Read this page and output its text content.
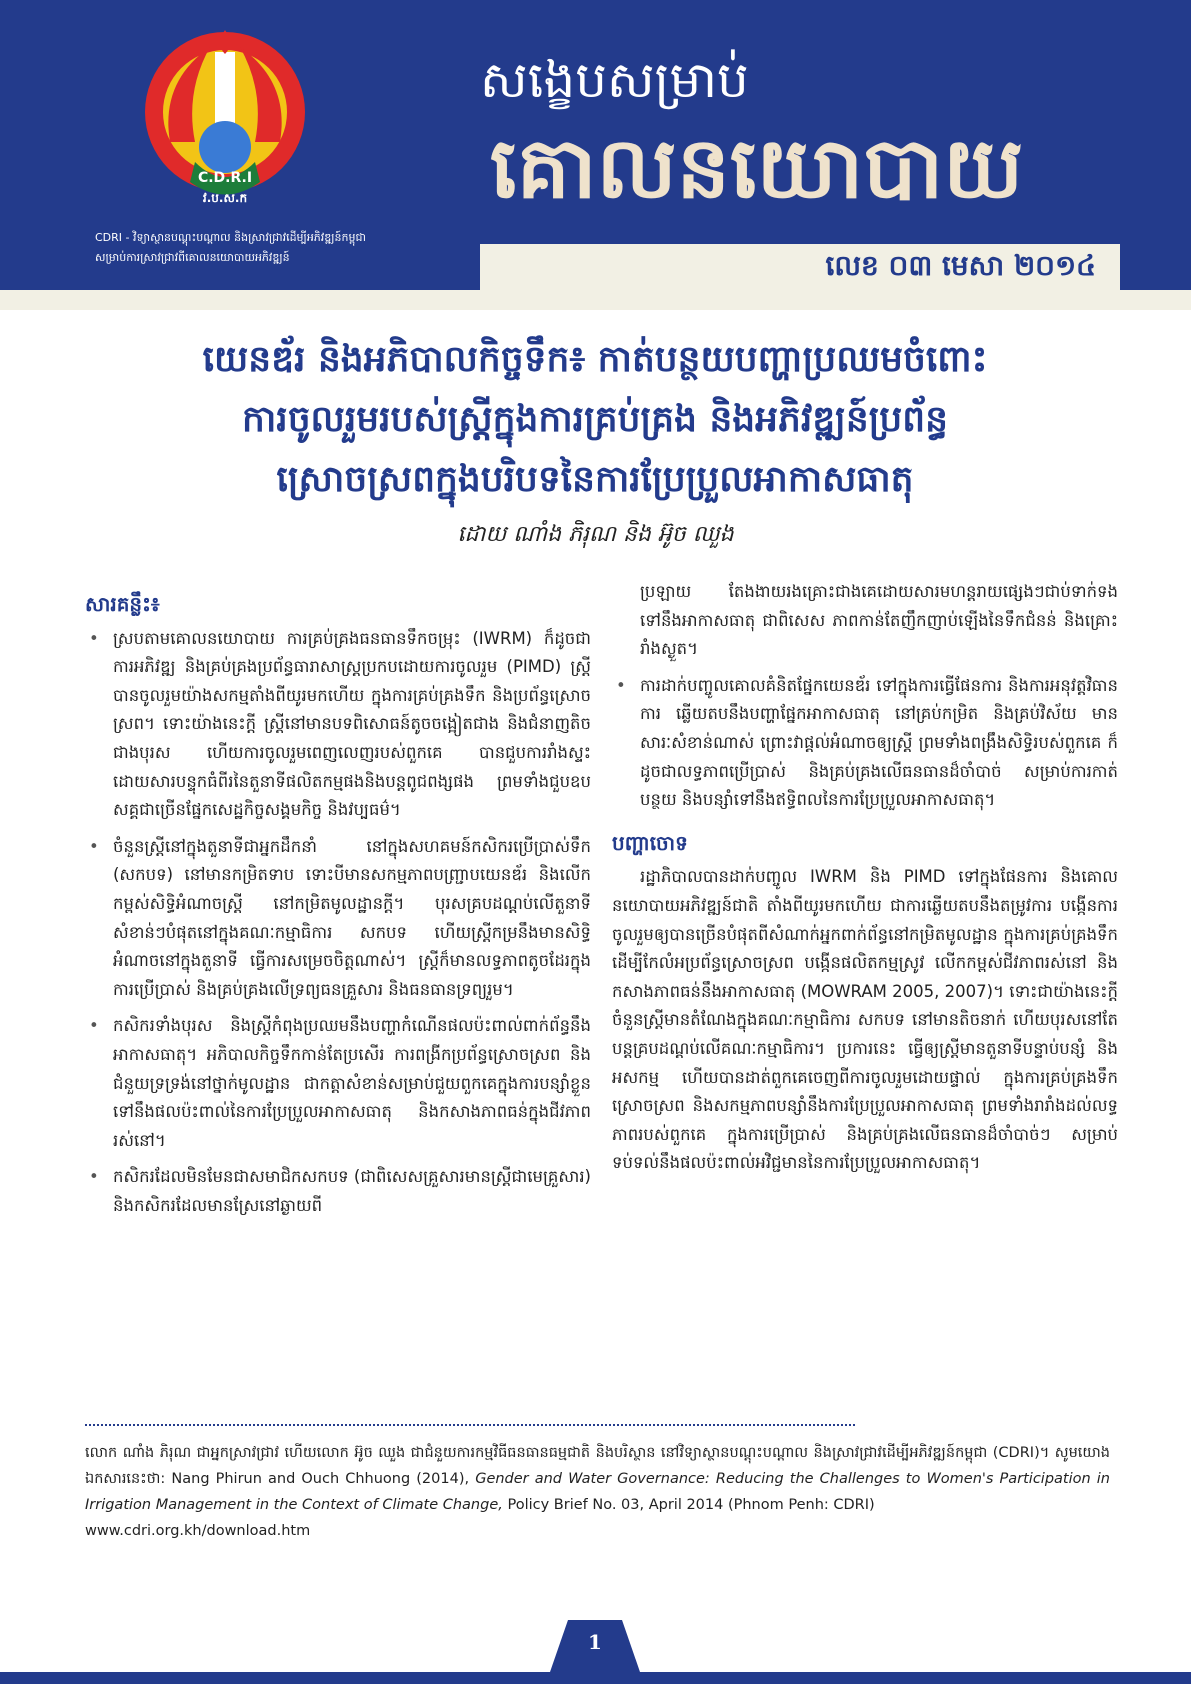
C.D.R.I
វ.ប.ស.ក
CDRI - វិទ្យាស្ថានបណ្តុះបណ្តាល និងស្រាវជ្រាវដើម្បីអភិវឌ្ឍន៍កម្ពុជា
សម្រាប់ការស្រាវជ្រាវពីគោលនយោបាយអភិវឌ្ឍន៍
សង្ខេបសម្រាប់
គោលនយោបាយ
លេខ ០៣ មេសា ២០១៤
យេនឌ័រ និងអភិបាលកិច្ចទឹក៖ កាត់បន្ថយបញ្ហាប្រឈមចំពោះ
ការចូលរួមរបស់ស្ត្រីក្នុងការគ្រប់គ្រង និងអភិវឌ្ឍន៍ប្រព័ន្ធ
ស្រោចស្រពក្នុងបរិបទនៃការប្រែប្រួលអាកាសធាតុ
ដោយ ណាំង ភិរុណ និង អ៊ូច ឈួង
សារគន្លឹះ៖
• ស្របតាមគោលនយោបាយ ការគ្រប់គ្រងធនធានទឹកចម្រុះ (IWRM) ក៏ដូចជាការអភិវឌ្ឍ និងគ្រប់គ្រងប្រព័ន្ធធារាសាស្ត្រប្រកបដោយការចូលរួម (PIMD) ស្ត្រីបានចូលរួមយ៉ាងសកម្មតាំងពីយូរមកហើយ ក្នុងការគ្រប់គ្រងទឹក និងប្រព័ន្ធស្រោចស្រព។ ទោះយ៉ាងនេះក្តី ស្ត្រីនៅមានបទពិសោធន៍តូចចង្អៀតជាង និងជំនាញតិចជាងបុរស ហើយការចូលរួមពេញលេញរបស់ពួកគេ បានជួបការរាំងស្ទះដោយសារបន្ទុកធំពីរនៃតួនាទីផលិតកម្មផងនិងបន្តពូជពង្សផង ព្រមទាំងជួបឧបសគ្គជាច្រើនផ្នែកសេដ្ឋកិច្ចសង្គមកិច្ច និងវប្បធម៌។
• ចំនួនស្ត្រីនៅក្នុងតួនាទីជាអ្នកដឹកនាំ នៅក្នុងសហគមន៍កសិករប្រើប្រាស់ទឹក (សកបទ) នៅមានកម្រិតទាប ទោះបីមានសកម្មភាពបញ្ជ្រាបយេនឌ័រ និងលើកកម្ពស់សិទ្ធិអំណាចស្ត្រី នៅកម្រិតមូលដ្ឋានក្តី។ បុរសគ្របដណ្តប់លើតួនាទីសំខាន់ៗបំផុតនៅក្នុងគណៈកម្មាធិការ សកបទ ហើយស្ត្រីកម្រនឹងមានសិទ្ធិអំណាចនៅក្នុងតួនាទី ធ្វើការសម្រេចចិត្តណាស់។ ស្ត្រីក៏មានលទ្ធភាពតូចដែរក្នុងការប្រើប្រាស់ និងគ្រប់គ្រងលើទ្រព្យធនគ្រួសារ និងធនធានទ្រព្យរួម។
• កសិករទាំងបុរស និងស្ត្រីកំពុងប្រឈមនឹងបញ្ហាកំណើនផលប៉ះពាល់ពាក់ព័ន្ធនឹងអាកាសធាតុ។ អភិបាលកិច្ចទឹកកាន់តែប្រសើរ ការពង្រីកប្រព័ន្ធស្រោចស្រព និងជំនួយទ្រទ្រង់នៅថ្នាក់មូលដ្ឋាន ជាកត្តាសំខាន់សម្រាប់ជួយពួកគេក្នុងការបន្សាំខ្លួន ទៅនឹងផលប៉ះពាល់នៃការប្រែប្រួលអាកាសធាតុ និងកសាងភាពធន់ក្នុងជីវភាពរស់នៅ។
• កសិករដែលមិនមែនជាសមាជិកសកបទ (ជាពិសេសគ្រួសារមានស្ត្រីជាមេគ្រួសារ) និងកសិករដែលមានស្រែនៅឆ្ងាយពី

ប្រឡាយ តែងងាយរងគ្រោះជាងគេដោយសារមហន្តរាយផ្សេងៗជាប់ទាក់ទងទៅនឹងអាកាសធាតុ ជាពិសេស ភាពកាន់តែញឹកញាប់ឡើងនៃទឹកជំនន់ និងគ្រោះរាំងស្ងួត។

• ការដាក់បញ្ចូលគោលគំនិតផ្នែកយេនឌ័រ ទៅក្នុងការធ្វើផែនការ និងការអនុវត្តវិធានការ ឆ្លើយតបនឹងបញ្ហាផ្នែកអាកាសធាតុ នៅគ្រប់កម្រិត និងគ្រប់វិស័យ មានសារៈសំខាន់ណាស់ ព្រោះវាផ្តល់អំណាចឲ្យស្ត្រី ព្រមទាំងពង្រឹងសិទ្ធិរបស់ពួកគេ ក៏ដូចជាលទ្ធភាពប្រើប្រាស់ និងគ្រប់គ្រងលើធនធានដ៏ចាំបាច់ សម្រាប់ការកាត់បន្ថយ និងបន្សាំទៅនឹងឥទ្ធិពលនៃការប្រែប្រួលអាកាសធាតុ។
បញ្ហាចោទ

រដ្ឋាភិបាលបានដាក់បញ្ចូល IWRM និង PIMD ទៅក្នុងផែនការ និងគោលនយោបាយអភិវឌ្ឍន៍ជាតិ តាំងពីយូរមកហើយ ជាការឆ្លើយតបនឹងតម្រូវការ បង្កើនការចូលរួមឲ្យបានច្រើនបំផុតពីសំណាក់អ្នកពាក់ព័ន្ធនៅកម្រិតមូលដ្ឋាន ក្នុងការគ្រប់គ្រងទឹកដើម្បីកែលំអប្រព័ន្ធស្រោចស្រព បង្កើនផលិតកម្មស្រូវ លើកកម្ពស់ជីវភាពរស់នៅ និងកសាងភាពធន់នឹងអាកាសធាតុ (MOWRAM 2005, 2007)។ ទោះជាយ៉ាងនេះក្តី ចំនួនស្ត្រីមានតំណែងក្នុងគណៈកម្មាធិការ សកបទ នៅមានតិចនាក់ ហើយបុរសនៅតែបន្តគ្របដណ្តប់លើគណៈកម្មាធិការ។ ប្រការនេះ ធ្វើឲ្យស្ត្រីមានតួនាទីបន្ទាប់បន្សំ និងអសកម្ម ហើយបានដាត់ពួកគេចេញពីការចូលរួមដោយផ្ទាល់ ក្នុងការគ្រប់គ្រងទឹកស្រោចស្រព និងសកម្មភាពបន្សាំនឹងការប្រែប្រួលអាកាសធាតុ ព្រមទាំងរារាំងដល់លទ្ធភាពរបស់ពួកគេ ក្នុងការប្រើប្រាស់ និងគ្រប់គ្រងលើធនធានដ៏ចាំបាច់ៗ សម្រាប់ទប់ទល់នឹងផលប៉ះពាល់អវិជ្ជមាននៃការប្រែប្រួលអាកាសធាតុ។

លោក ណាំង ភិរុណ ជាអ្នកស្រាវជ្រាវ ហើយលោក អ៊ូច ឈួង ជាជំនួយការកម្មវិធីធនធានធម្មជាតិ និងបរិស្ថាន នៅវិទ្យាស្ថានបណ្តុះបណ្តាល និងស្រាវជ្រាវដើម្បីអភិវឌ្ឍន៍កម្ពុជា (CDRI)។ សូមយោងឯកសារនេះថា: Nang Phirun and Ouch Chhuong (2014), Gender and Water Governance: Reducing the Challenges to Women's Participation in Irrigation Management in the Context of Climate Change, Policy Brief No. 03, April 2014 (Phnom Penh: CDRI)
www.cdri.org.kh/download.htm
1
